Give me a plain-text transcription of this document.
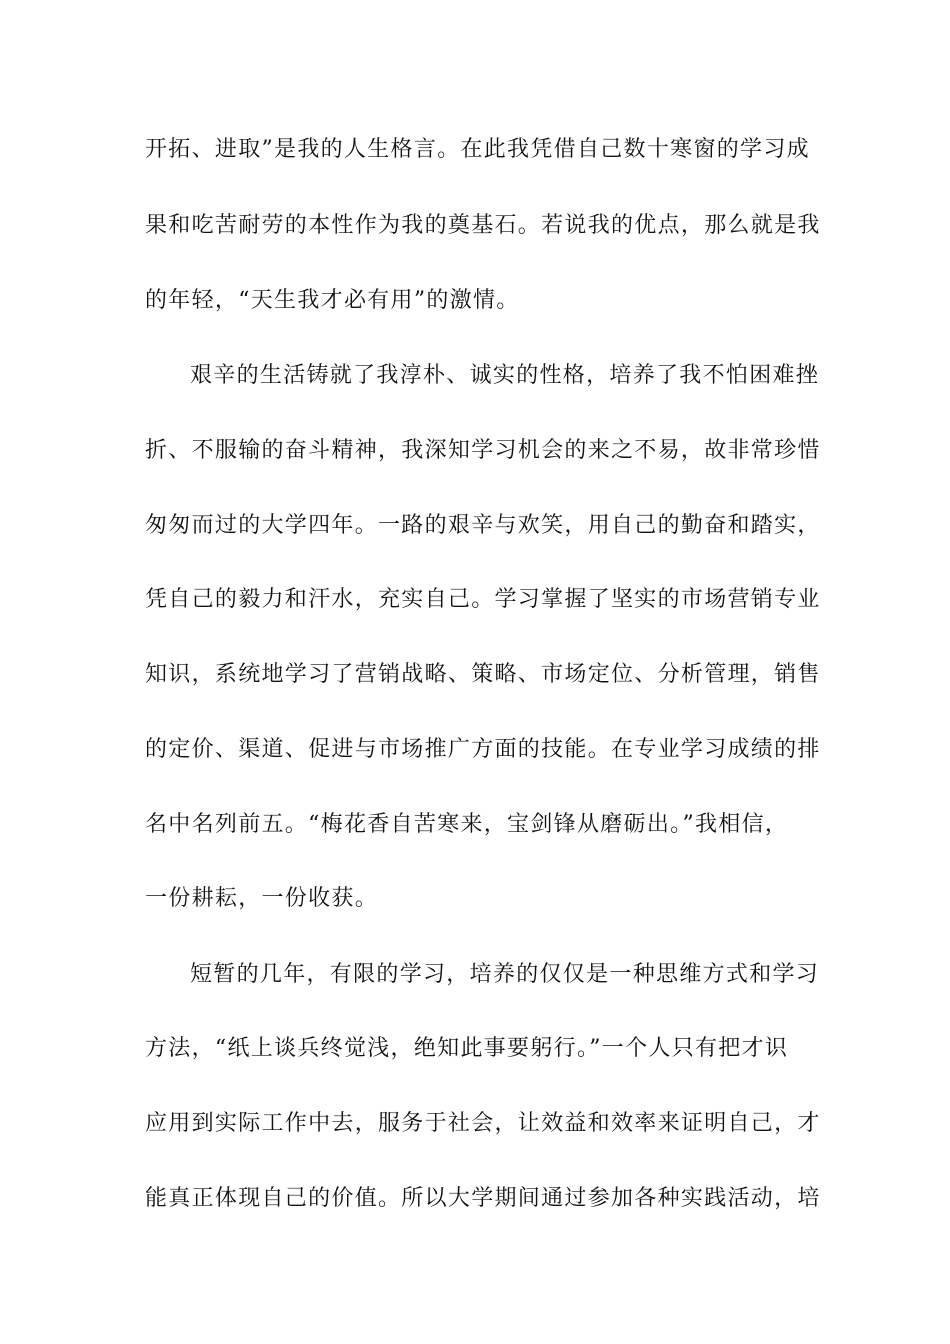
开拓、进取”是我的人生格言。在此我凭借自己数十寒窗的学习成
果和吃苦耐劳的本性作为我的奠基石。若说我的优点，那么就是我
的年轻，“天生我才必有用”的激情。
艰辛的生活铸就了我淳朴、诚实的性格，培养了我不怕困难挫
折、不服输的奋斗精神，我深知学习机会的来之不易，故非常珍惜
匆匆而过的大学四年。一路的艰辛与欢笑，用自己的勤奋和踏实，
凭自己的毅力和汗水，充实自己。学习掌握了坚实的市场营销专业
知识，系统地学习了营销战略、策略、市场定位、分析管理，销售
的定价、渠道、促进与市场推广方面的技能。在专业学习成绩的排
名中名列前五。“梅花香自苦寒来，宝剑锋从磨砺出。”我相信，
一份耕耘，一份收获。
短暂的几年，有限的学习，培养的仅仅是一种思维方式和学习
方法，“纸上谈兵终觉浅，绝知此事要躬行。”一个人只有把才识
应用到实际工作中去，服务于社会，让效益和效率来证明自己，才
能真正体现自己的价值。所以大学期间通过参加各种实践活动，培
